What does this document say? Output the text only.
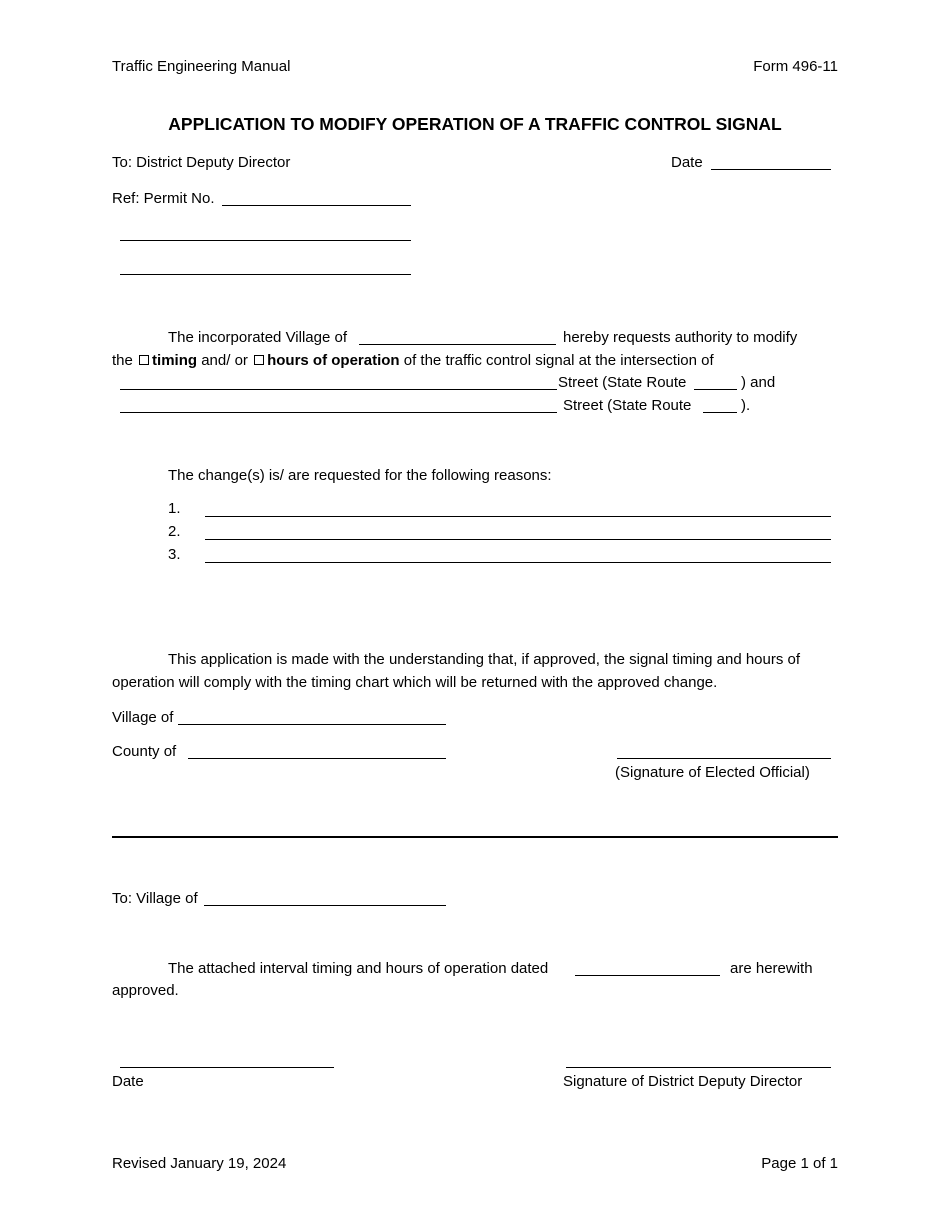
Traffic Engineering Manual	Form 496-11
APPLICATION TO MODIFY OPERATION OF A TRAFFIC CONTROL SIGNAL
To: District Deputy Director	Date
Ref: Permit No.
The incorporated Village of	hereby requests authority to modify
the timing and/ or hours of operation of the traffic control signal at the intersection of
Street (State Route	) and
Street (State Route	).
The change(s) is/ are requested for the following reasons:
1.
2.
3.
This application is made with the understanding that, if approved, the signal timing and hours of
operation will comply with the timing chart which will be returned with the approved change.
Village of
County of
(Signature of Elected Official)
To: Village of
The attached interval timing and hours of operation dated	are herewith
approved.
Date	Signature of District Deputy Director
Revised January 19, 2024	Page 1 of 1
